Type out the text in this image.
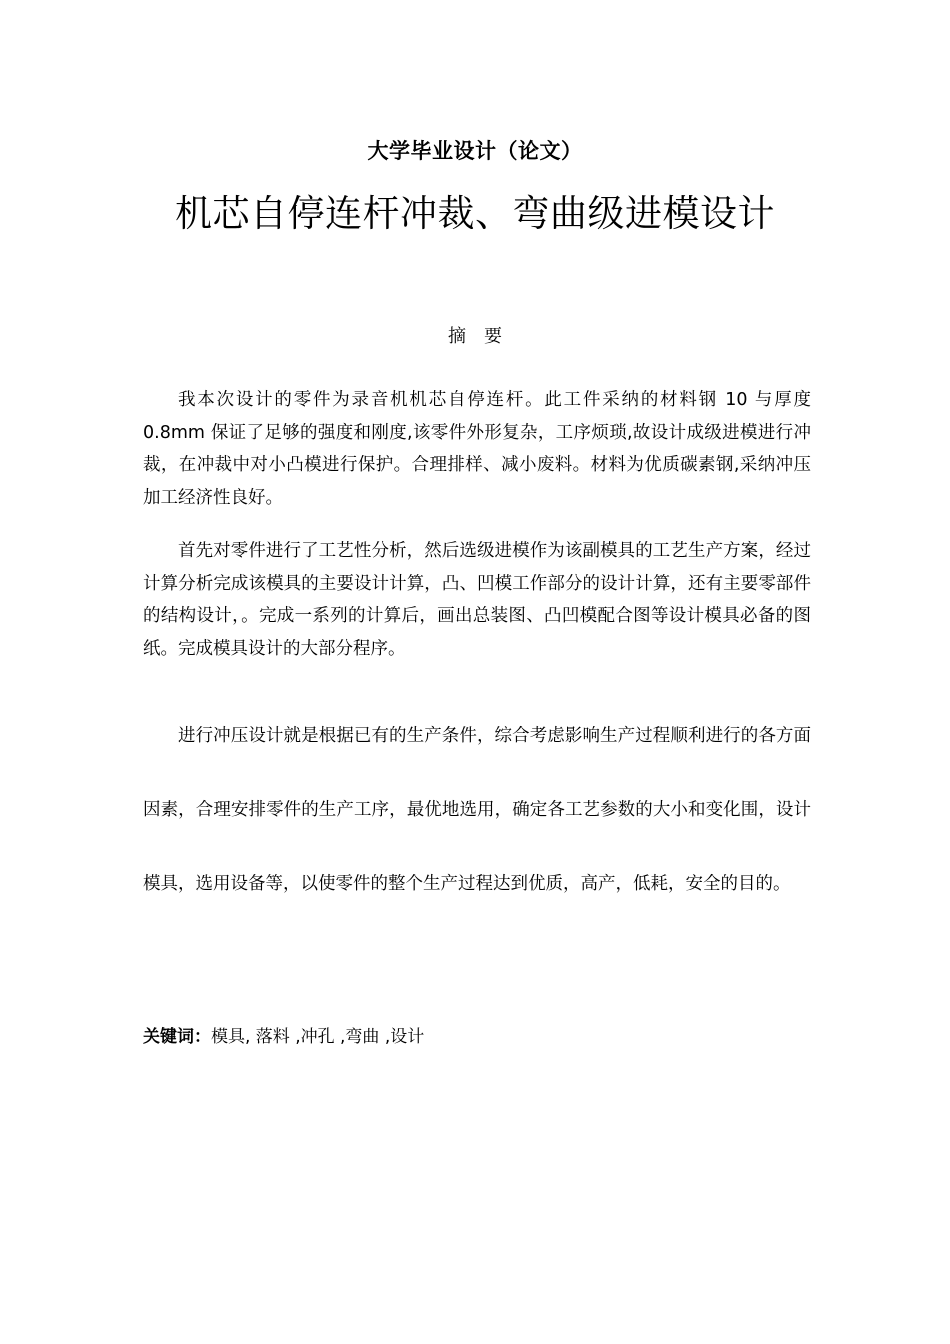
大学毕业设计（论文）
机芯自停连杆冲裁、弯曲级进模设计
摘要

我本次设计的零件为录音机机芯自停连杆。此工件采纳的材料钢 10 与厚度 0.8mm 保证了足够的强度和刚度,该零件外形复杂，工序烦琐,故设计成级进模进行冲裁，在冲裁中对小凸模进行保护。合理排样、减小废料。材料为优质碳素钢,采纳冲压加工经济性良好。

首先对零件进行了工艺性分析，然后选级进模作为该副模具的工艺生产方案，经过计算分析完成该模具的主要设计计算，凸、凹模工作部分的设计计算，还有主要零部件的结构设计，。完成一系列的计算后，画出总装图、凸凹模配合图等设计模具必备的图纸。完成模具设计的大部分程序。

进行冲压设计就是根据已有的生产条件，综合考虑影响生产过程顺利进行的各方面因素，合理安排零件的生产工序，最优地选用，确定各工艺参数的大小和变化围，设计模具，选用设备等，以使零件的整个生产过程达到优质，高产，低耗，安全的目的。

关键词：模具, 落料 ,冲孔 ,弯曲 ,设计
